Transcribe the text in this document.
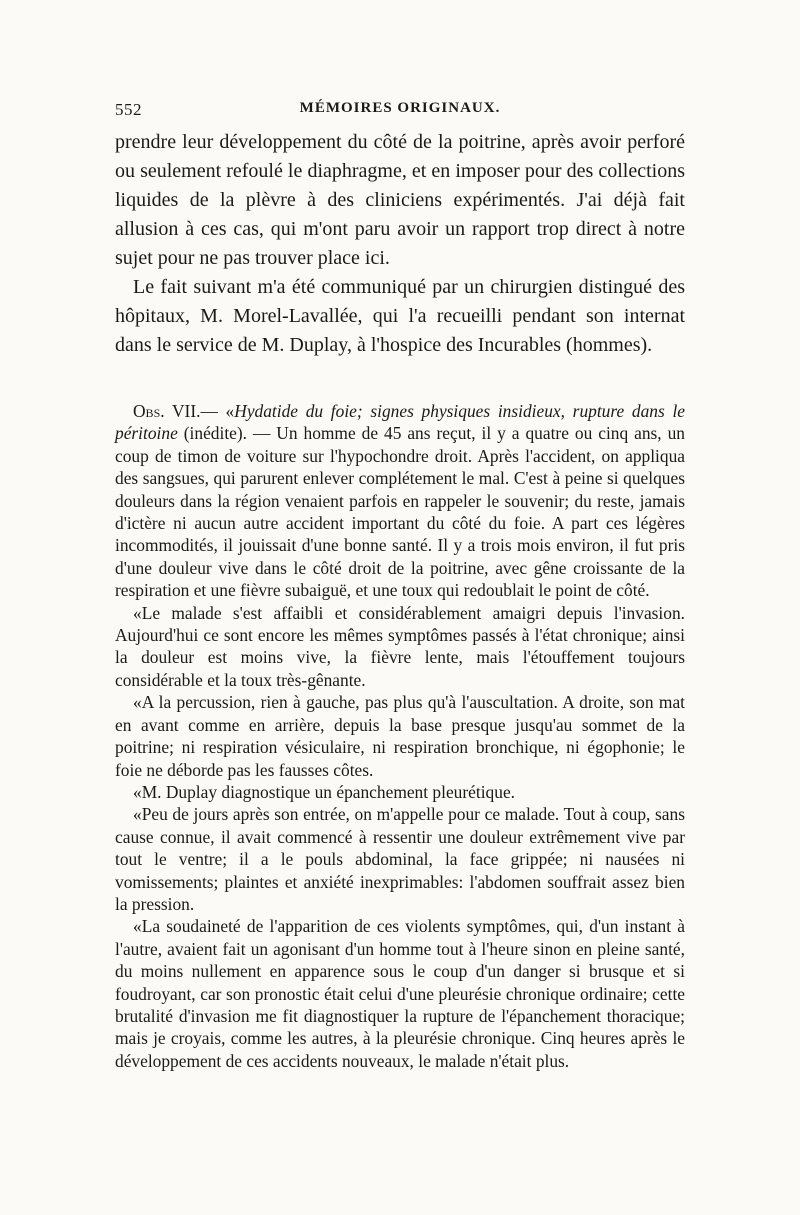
552	MÉMOIRES ORIGINAUX.

prendre leur développement du côté de la poitrine, après avoir perforé ou seulement refoulé le diaphragme, et en imposer pour des collections liquides de la plèvre à des cliniciens expérimentés. J'ai déjà fait allusion à ces cas, qui m'ont paru avoir un rapport trop direct à notre sujet pour ne pas trouver place ici.

Le fait suivant m'a été communiqué par un chirurgien distingué des hôpitaux, M. Morel-Lavallée, qui l'a recueilli pendant son internat dans le service de M. Duplay, à l'hospice des Incurables (hommes).

Obs. VII.— «Hydatide du foie; signes physiques insidieux, rupture dans le péritoine (inédite). — Un homme de 45 ans reçut, il y a quatre ou cinq ans, un coup de timon de voiture sur l'hypochondre droit. Après l'accident, on appliqua des sangsues, qui parurent enlever complétement le mal. C'est à peine si quelques douleurs dans la région venaient parfois en rappeler le souvenir; du reste, jamais d'ictère ni aucun autre accident important du côté du foie. A part ces légères incommodités, il jouissait d'une bonne santé. Il y a trois mois environ, il fut pris d'une douleur vive dans le côté droit de la poitrine, avec gêne croissante de la respiration et une fièvre subaiguë, et une toux qui redoublait le point de côté.

«Le malade s'est affaibli et considérablement amaigri depuis l'invasion. Aujourd'hui ce sont encore les mêmes symptômes passés à l'état chronique; ainsi la douleur est moins vive, la fièvre lente, mais l'étouffement toujours considérable et la toux très-gênante.

«A la percussion, rien à gauche, pas plus qu'à l'auscultation. A droite, son mat en avant comme en arrière, depuis la base presque jusqu'au sommet de la poitrine; ni respiration vésiculaire, ni respiration bronchique, ni égophonie; le foie ne déborde pas les fausses côtes.

«M. Duplay diagnostique un épanchement pleurétique.

«Peu de jours après son entrée, on m'appelle pour ce malade. Tout à coup, sans cause connue, il avait commencé à ressentir une douleur extrêmement vive par tout le ventre; il a le pouls abdominal, la face grippée; ni nausées ni vomissements; plaintes et anxiété inexprimables: l'abdomen souffrait assez bien la pression.

«La soudaineté de l'apparition de ces violents symptômes, qui, d'un instant à l'autre, avaient fait un agonisant d'un homme tout à l'heure sinon en pleine santé, du moins nullement en apparence sous le coup d'un danger si brusque et si foudroyant, car son pronostic était celui d'une pleurésie chronique ordinaire; cette brutalité d'invasion me fit diagnostiquer la rupture de l'épanchement thoracique; mais je croyais, comme les autres, à la pleurésie chronique. Cinq heures après le développement de ces accidents nouveaux, le malade n'était plus.
